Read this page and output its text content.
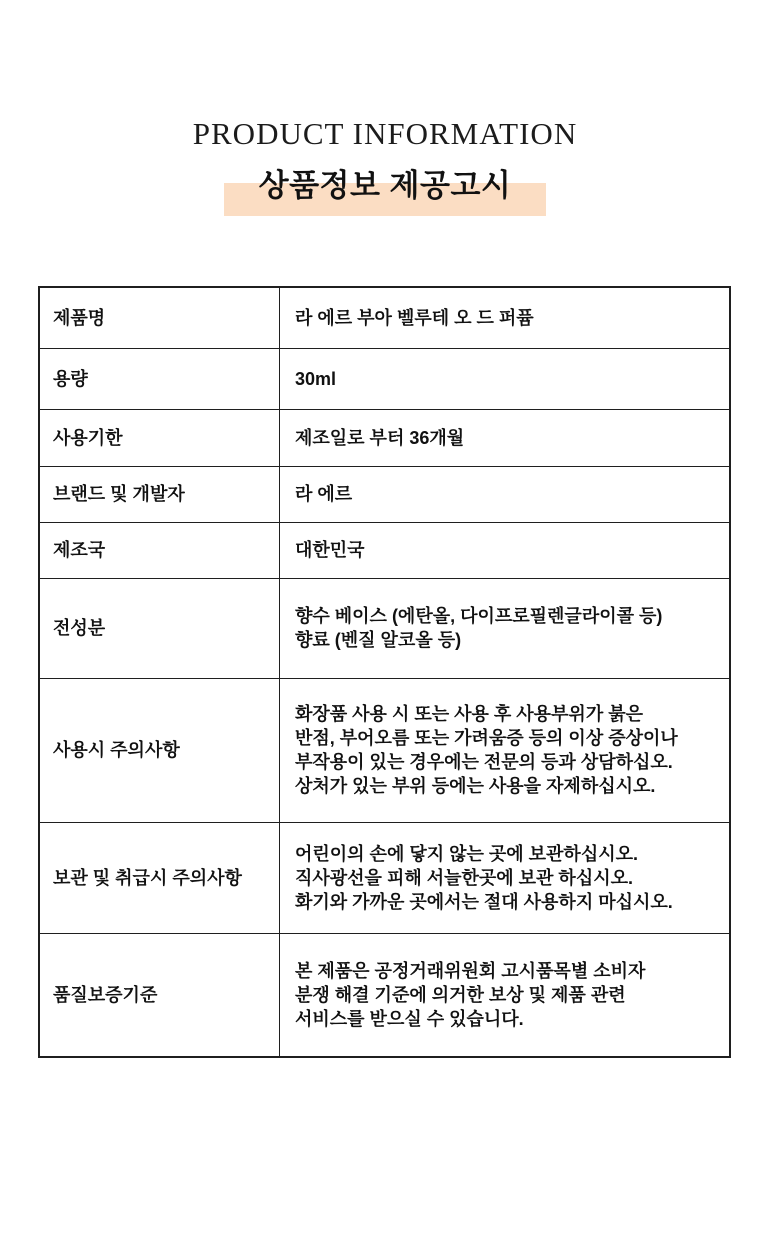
PRODUCT INFORMATION
상품정보 제공고시
제품명	라 에르 부아 벨루테 오 드 퍼퓸

용량	30ml

사용기한	제조일로 부터 36개월

브랜드 및 개발자	라 에르

제조국	대한민국

전성분	향수 베이스 (에탄올, 다이프로필렌글라이콜 등)
향료 (벤질 알코올 등)

사용시 주의사항	화장품 사용 시 또는 사용 후 사용부위가 붉은
반점, 부어오름 또는 가려움증 등의 이상 증상이나
부작용이 있는 경우에는 전문의 등과 상담하십오.
상처가 있는 부위 등에는 사용을 자제하십시오.

보관 및 취급시 주의사항	어린이의 손에 닿지 않는 곳에 보관하십시오.
직사광선을 피해 서늘한곳에 보관 하십시오.
화기와 가까운 곳에서는 절대 사용하지 마십시오.

품질보증기준	본 제품은 공정거래위원회 고시품목별 소비자
분쟁 해결 기준에 의거한 보상 및 제품 관련
서비스를 받으실 수 있습니다.
